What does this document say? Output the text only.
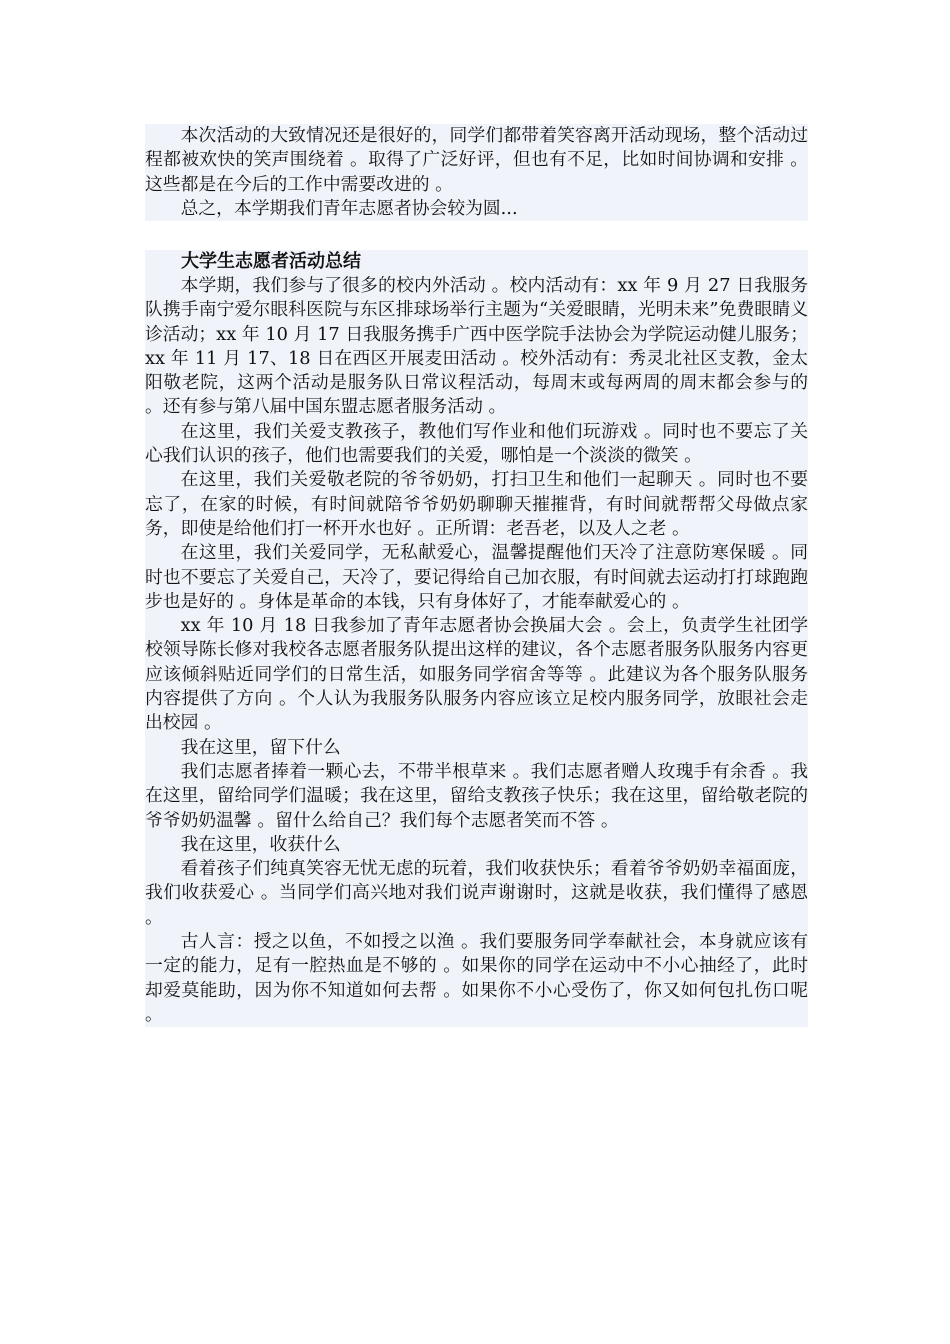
本次活动的大致情况还是很好的，同学们都带着笑容离开活动现场，整个活动过程都被欢快的笑声围绕着 。取得了广泛好评，但也有不足，比如时间协调和安排 。这些都是在今后的工作中需要改进的 。

总之，本学期我们青年志愿者协会较为圆...

大学生志愿者活动总结

本学期，我们参与了很多的校内外活动 。校内活动有：xx 年 9 月 27 日我服务队携手南宁爱尔眼科医院与东区排球场举行主题为“关爱眼睛，光明未来”免费眼睛义诊活动；xx 年 10 月 17 日我服务携手广西中医学院手法协会为学院运动健儿服务；xx 年 11 月 17、18 日在西区开展麦田活动 。校外活动有：秀灵北社区支教，金太阳敬老院，这两个活动是服务队日常议程活动，每周末或每两周的周末都会参与的 。还有参与第八届中国东盟志愿者服务活动 。

在这里，我们关爱支教孩子，教他们写作业和他们玩游戏 。同时也不要忘了关心我们认识的孩子，他们也需要我们的关爱，哪怕是一个淡淡的微笑 。

在这里，我们关爱敬老院的爷爷奶奶，打扫卫生和他们一起聊天 。同时也不要忘了，在家的时候，有时间就陪爷爷奶奶聊聊天摧摧背，有时间就帮帮父母做点家务，即使是给他们打一杯开水也好 。正所谓：老吾老，以及人之老 。

在这里，我们关爱同学，无私献爱心，温馨提醒他们天冷了注意防寒保暖 。同时也不要忘了关爱自己，天冷了，要记得给自己加衣服，有时间就去运动打打球跑跑步也是好的 。身体是革命的本钱，只有身体好了，才能奉献爱心的 。

xx 年 10 月 18 日我参加了青年志愿者协会换届大会 。会上，负责学生社团学校领导陈长修对我校各志愿者服务队提出这样的建议，各个志愿者服务队服务内容更应该倾斜贴近同学们的日常生活，如服务同学宿舍等等 。此建议为各个服务队服务内容提供了方向 。个人认为我服务队服务内容应该立足校内服务同学，放眼社会走出校园 。

我在这里，留下什么

我们志愿者捧着一颗心去，不带半根草来 。我们志愿者赠人玫瑰手有余香 。我在这里，留给同学们温暖；我在这里，留给支教孩子快乐；我在这里，留给敬老院的爷爷奶奶温馨 。留什么给自己？我们每个志愿者笑而不答 。

我在这里，收获什么

看着孩子们纯真笑容无忧无虑的玩着，我们收获快乐；看着爷爷奶奶幸福面庞，我们收获爱心 。当同学们高兴地对我们说声谢谢时，这就是收获，我们懂得了感恩 。

古人言：授之以鱼，不如授之以渔 。我们要服务同学奉献社会，本身就应该有一定的能力，足有一腔热血是不够的 。如果你的同学在运动中不小心抽经了，此时却爱莫能助，因为你不知道如何去帮 。如果你不小心受伤了，你又如何包扎伤口呢 。
